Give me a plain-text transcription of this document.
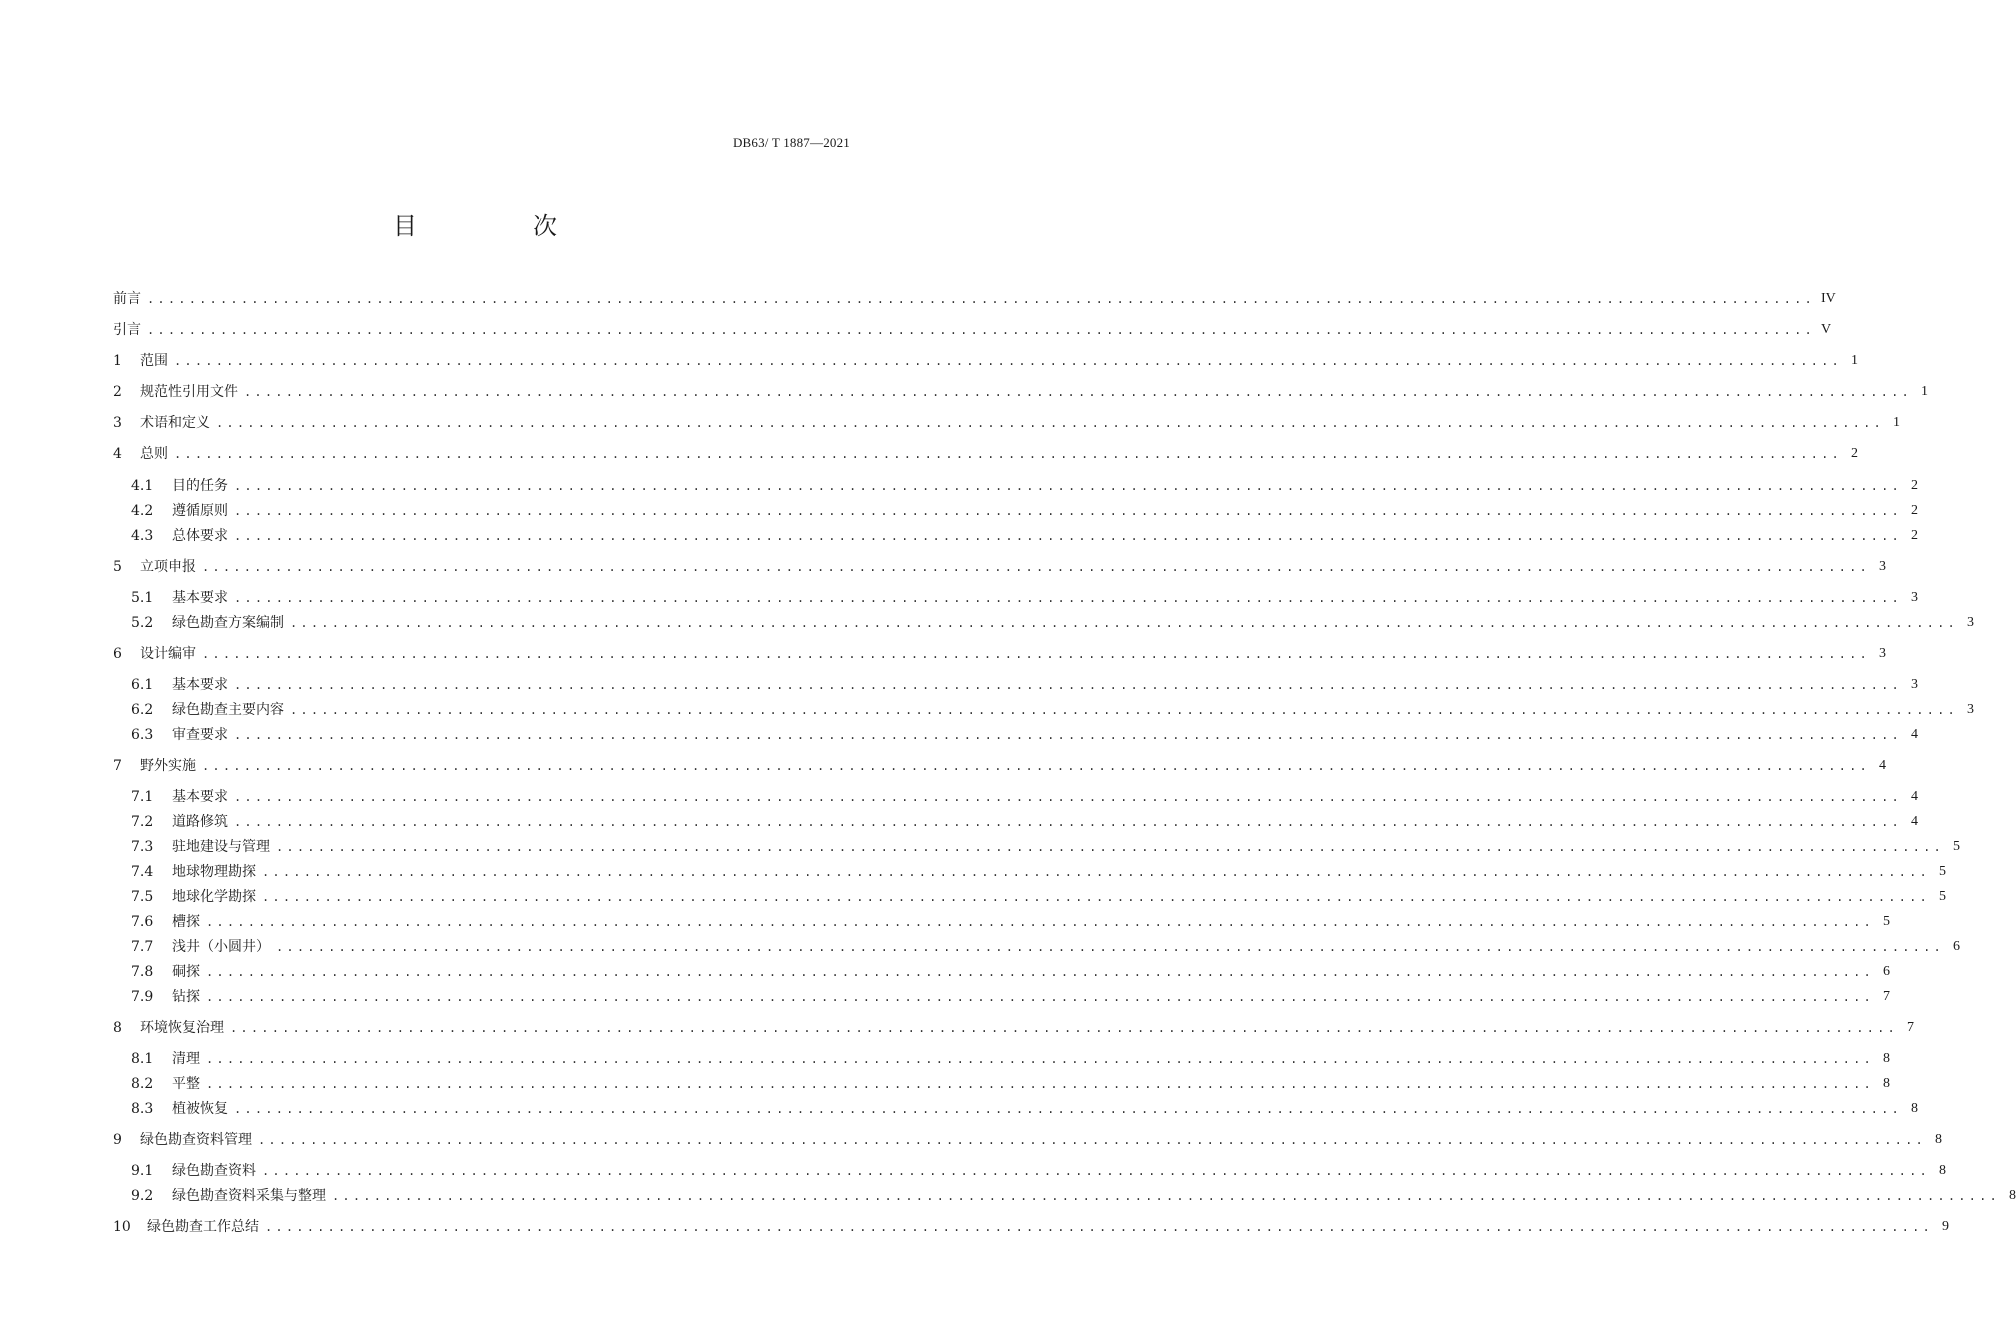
DB63/ T 1887—2021
目　次
前言 ................................................................................................................................................................ IV
引言 ................................................................................................................................................................ V
1	范围 ................................................................................................................................................................ 1
2	规范性引用文件 ................................................................................................................................................................ 1
3	术语和定义 ................................................................................................................................................................ 1
4	总则 ................................................................................................................................................................ 2
4.1	目的任务 ................................................................................................................................................................ 2
4.2	遵循原则 ................................................................................................................................................................ 2
4.3	总体要求 ................................................................................................................................................................ 2
5	立项申报 ................................................................................................................................................................ 3
5.1	基本要求 ................................................................................................................................................................ 3
5.2	绿色勘查方案编制 ................................................................................................................................................................ 3
6	设计编审 ................................................................................................................................................................ 3
6.1	基本要求 ................................................................................................................................................................ 3
6.2	绿色勘查主要内容 ................................................................................................................................................................ 3
6.3	审查要求 ................................................................................................................................................................ 4
7	野外实施 ................................................................................................................................................................ 4
7.1	基本要求 ................................................................................................................................................................ 4
7.2	道路修筑 ................................................................................................................................................................ 4
7.3	驻地建设与管理 ................................................................................................................................................................ 5
7.4	地球物理勘探 ................................................................................................................................................................ 5
7.5	地球化学勘探 ................................................................................................................................................................ 5
7.6	槽探 ................................................................................................................................................................ 5
7.7	浅井（小圆井） ................................................................................................................................................................ 6
7.8	硐探 ................................................................................................................................................................ 6
7.9	钻探 ................................................................................................................................................................ 7
8	环境恢复治理 ................................................................................................................................................................ 7
8.1	清理 ................................................................................................................................................................ 8
8.2	平整 ................................................................................................................................................................ 8
8.3	植被恢复 ................................................................................................................................................................ 8
9	绿色勘查资料管理 ................................................................................................................................................................ 8
9.1	绿色勘查资料 ................................................................................................................................................................ 8
9.2	绿色勘查资料采集与整理 ................................................................................................................................................................ 8
10	绿色勘查工作总结 ................................................................................................................................................................ 9
